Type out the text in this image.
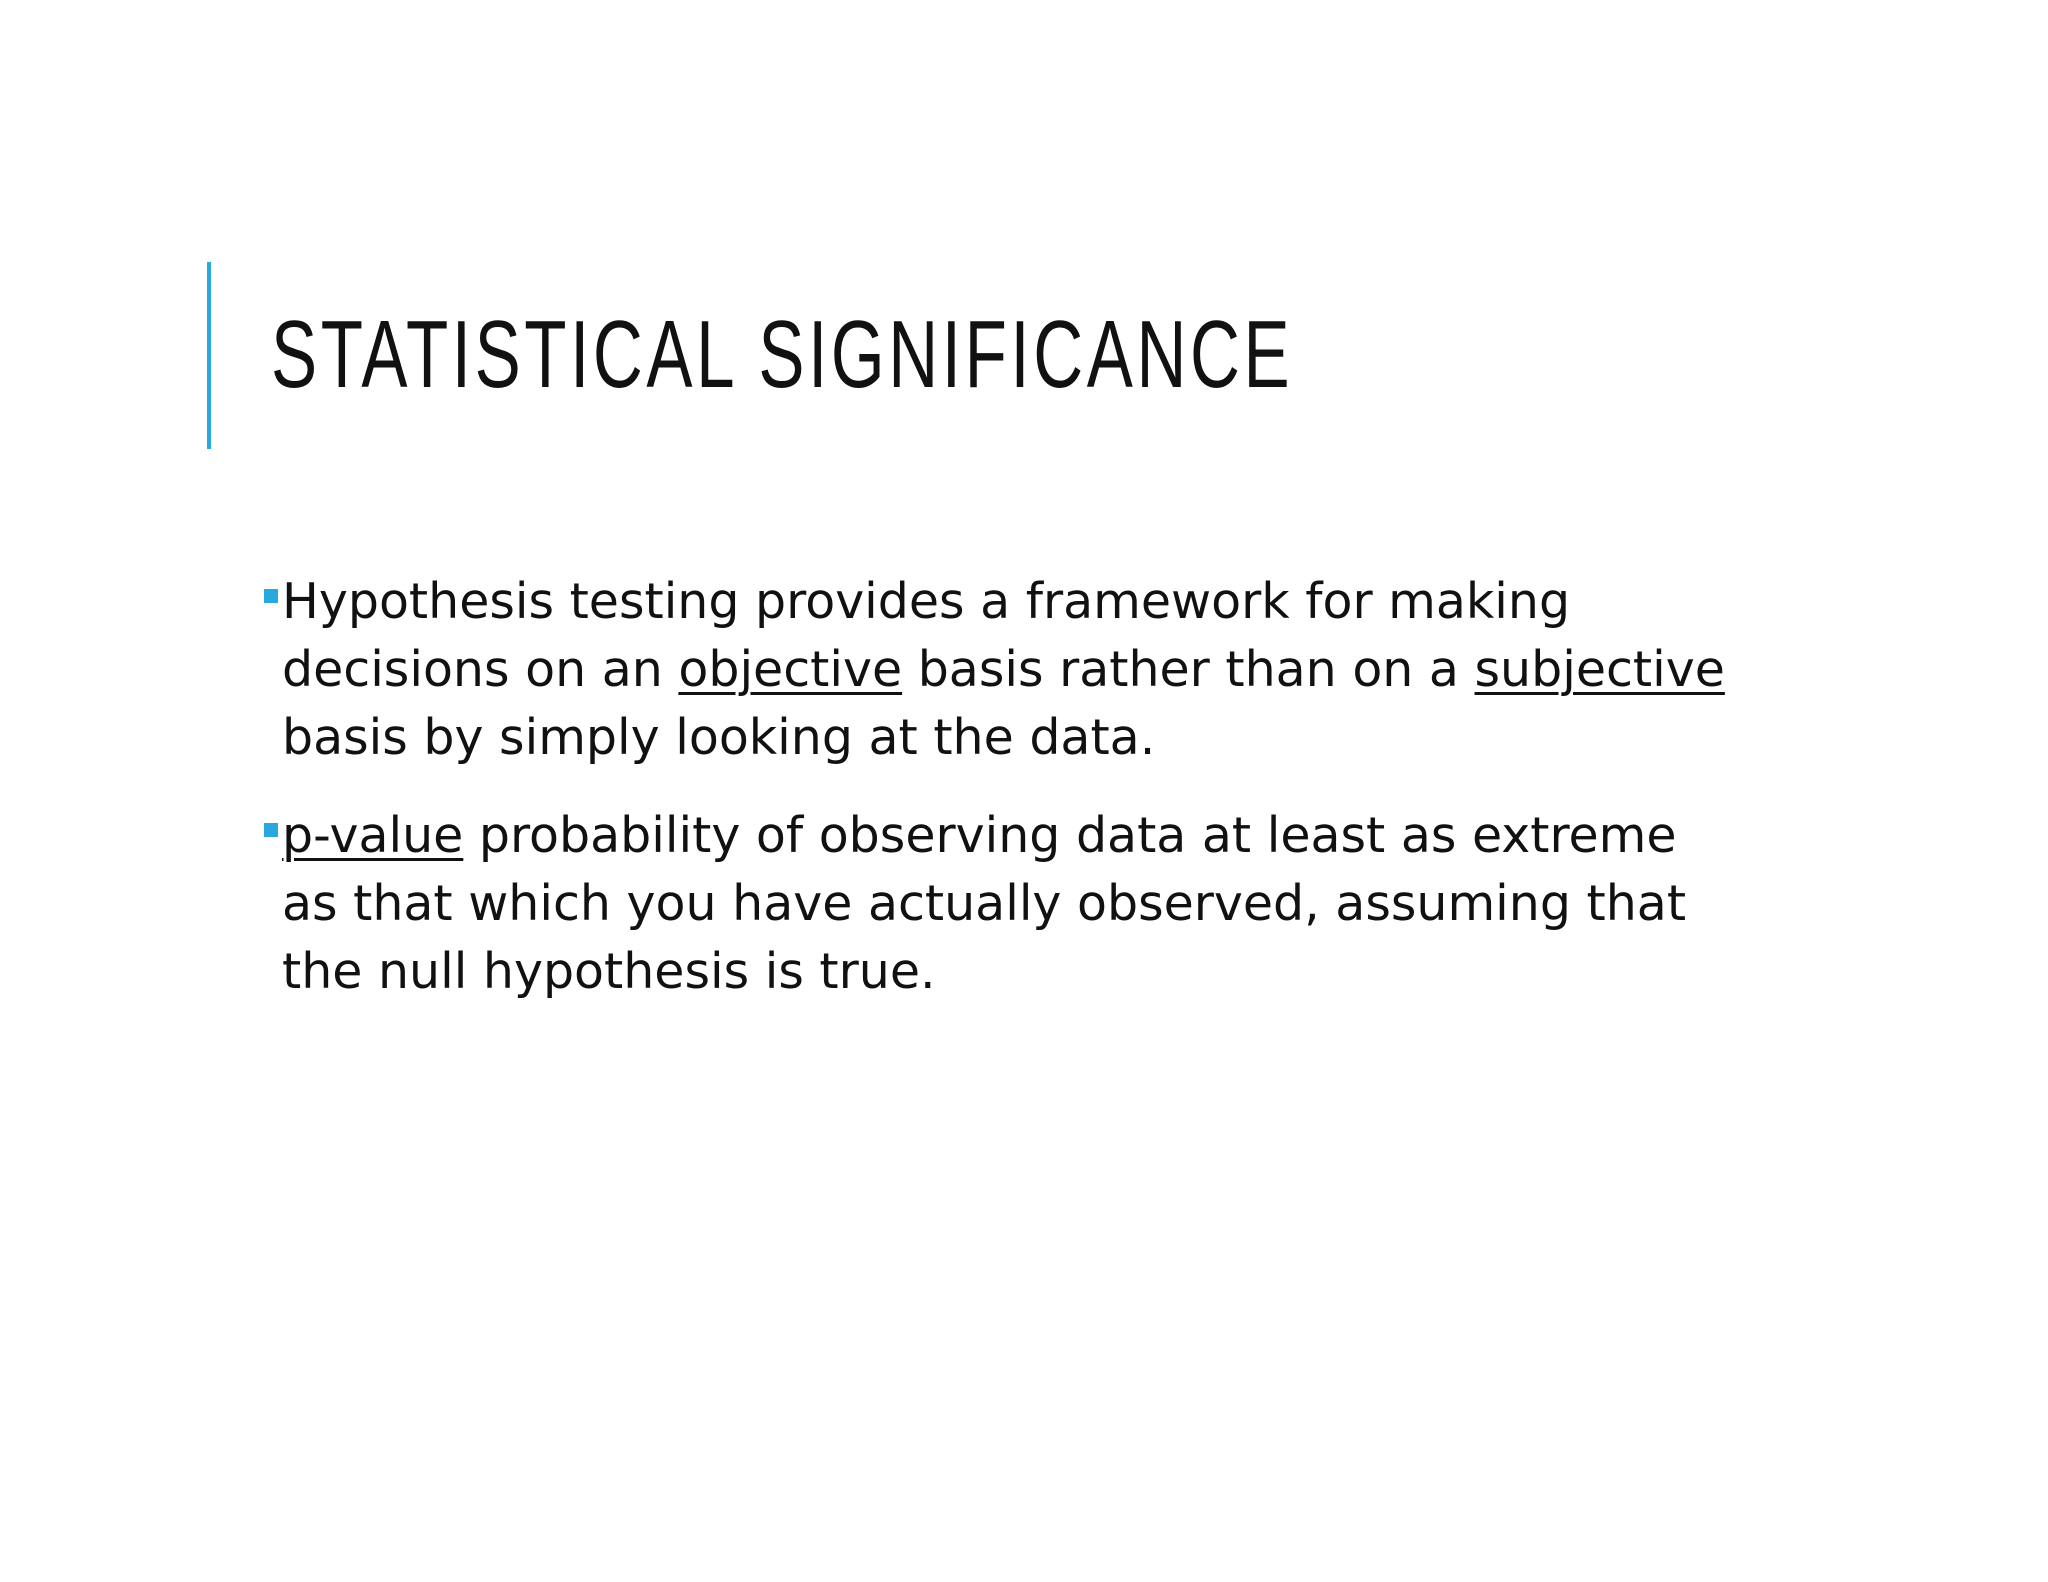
STATISTICAL SIGNIFICANCE
Hypothesis testing provides a framework for making decisions on an objective basis rather than on a subjective basis by simply looking at the data.
p-value probability of observing data at least as extreme as that which you have actually observed, assuming that the null hypothesis is true.
